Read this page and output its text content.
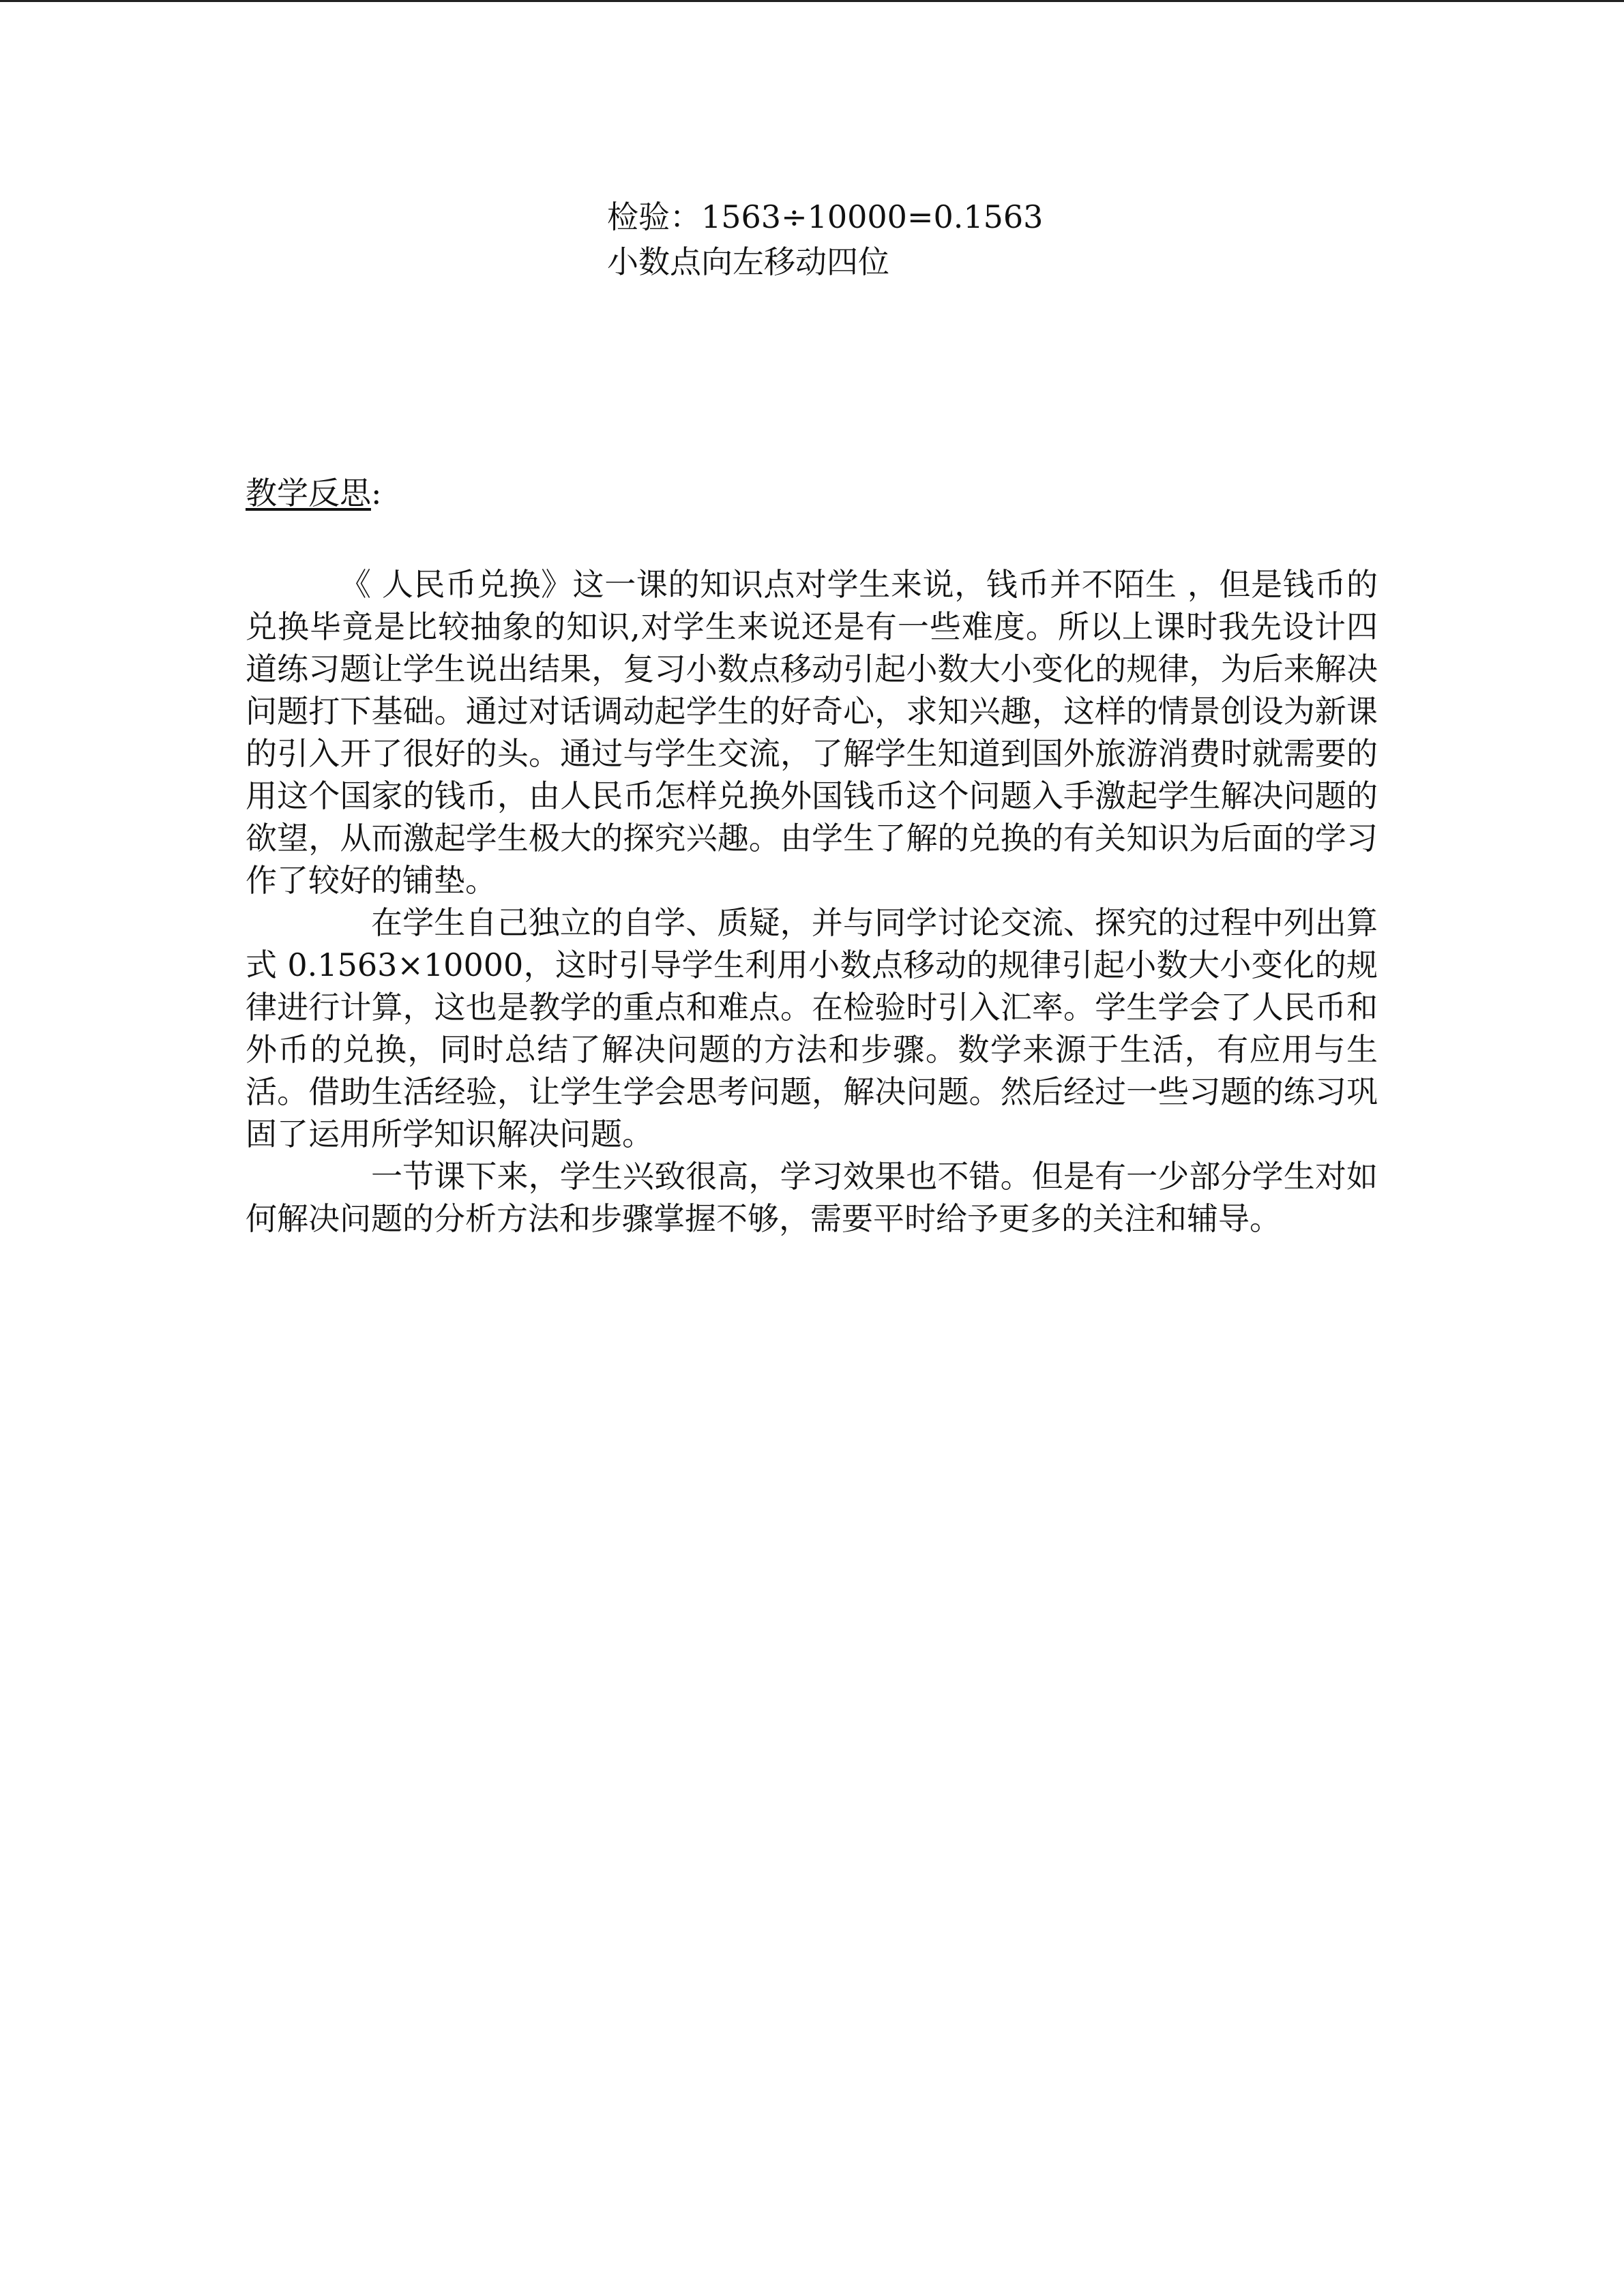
检验：1563÷10000=0.1563
小数点向左移动四位
教学反思:

《 人民币兑换》这一课的知识点对学生来说，钱币并不陌生 ，但是钱币的兑换毕竟是比较抽象的知识,对学生来说还是有一些难度。所以上课时我先设计四道练习题让学生说出结果，复习小数点移动引起小数大小变化的规律，为后来解决问题打下基础。通过对话调动起学生的好奇心，求知兴趣，这样的情景创设为新课的引入开了很好的头。通过与学生交流，了解学生知道到国外旅游消费时就需要的用这个国家的钱币，由人民币怎样兑换外国钱币这个问题入手激起学生解决问题的欲望，从而激起学生极大的探究兴趣。由学生了解的兑换的有关知识为后面的学习作了较好的铺垫。

在学生自己独立的自学、质疑，并与同学讨论交流、探究的过程中列出算式 0.1563×10000，这时引导学生利用小数点移动的规律引起小数大小变化的规律进行计算，这也是教学的重点和难点。在检验时引入汇率。学生学会了人民币和外币的兑换，同时总结了解决问题的方法和步骤。数学来源于生活，有应用与生活。借助生活经验，让学生学会思考问题，解决问题。然后经过一些习题的练习巩固了运用所学知识解决问题。

一节课下来，学生兴致很高，学习效果也不错。但是有一少部分学生对如何解决问题的分析方法和步骤掌握不够，需要平时给予更多的关注和辅导。
